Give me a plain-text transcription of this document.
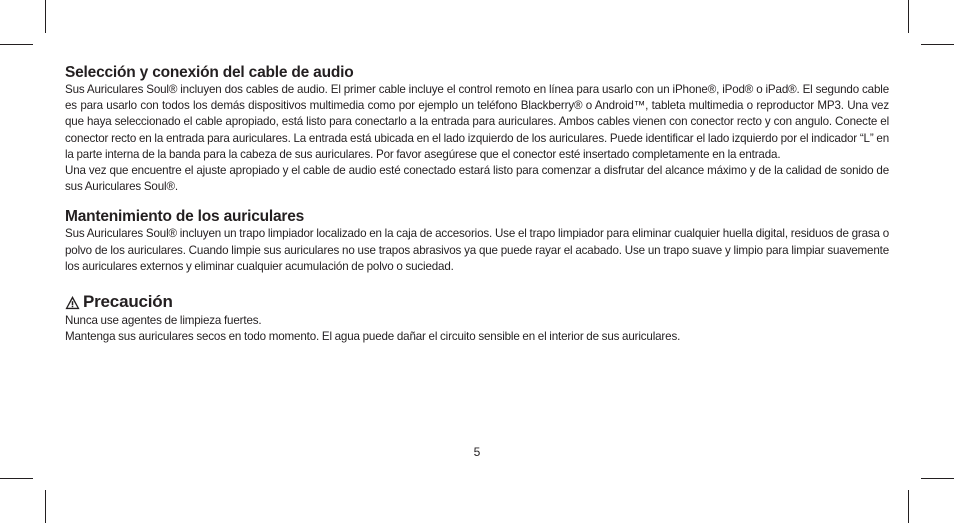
Selección y conexión del cable de audio

Sus Auriculares Soul® incluyen dos cables de audio. El primer cable incluye el control remoto en línea para usarlo con un iPhone®, iPod® o iPad®. El segundo cable es para usarlo con todos los demás dispositivos multimedia como por ejemplo un teléfono Blackberry® o Android™, tableta multimedia o reproductor MP3. Una vez que haya seleccionado el cable apropiado, está listo para conectarlo a la entrada para auriculares. Ambos cables vienen con conector recto y con angulo. Conecte el conector recto en la entrada para auriculares. La entrada está ubicada en el lado izquierdo de los auriculares. Puede identificar el lado izquierdo por el indicador “L” en la parte interna de la banda para la cabeza de sus auriculares. Por favor asegúrese que el conector esté insertado completamente en la entrada.

Una vez que encuentre el ajuste apropiado y el cable de audio esté conectado estará listo para comenzar a disfrutar del alcance máximo y de la calidad de sonido de sus Auriculares Soul®.

Mantenimiento de los auriculares

Sus Auriculares Soul® incluyen un trapo limpiador localizado en la caja de accesorios. Use el trapo limpiador para eliminar cualquier huella digital, residuos de grasa o polvo de los auriculares. Cuando limpie sus auriculares no use trapos abrasivos ya que puede rayar el acabado. Use un trapo suave y limpio para limpiar suavemente los auriculares externos y eliminar cualquier acumulación de polvo o suciedad.

Precaución

Nunca use agentes de limpieza fuertes.

Mantenga sus auriculares secos en todo momento. El agua puede dañar el circuito sensible en el interior de sus auriculares.

5
